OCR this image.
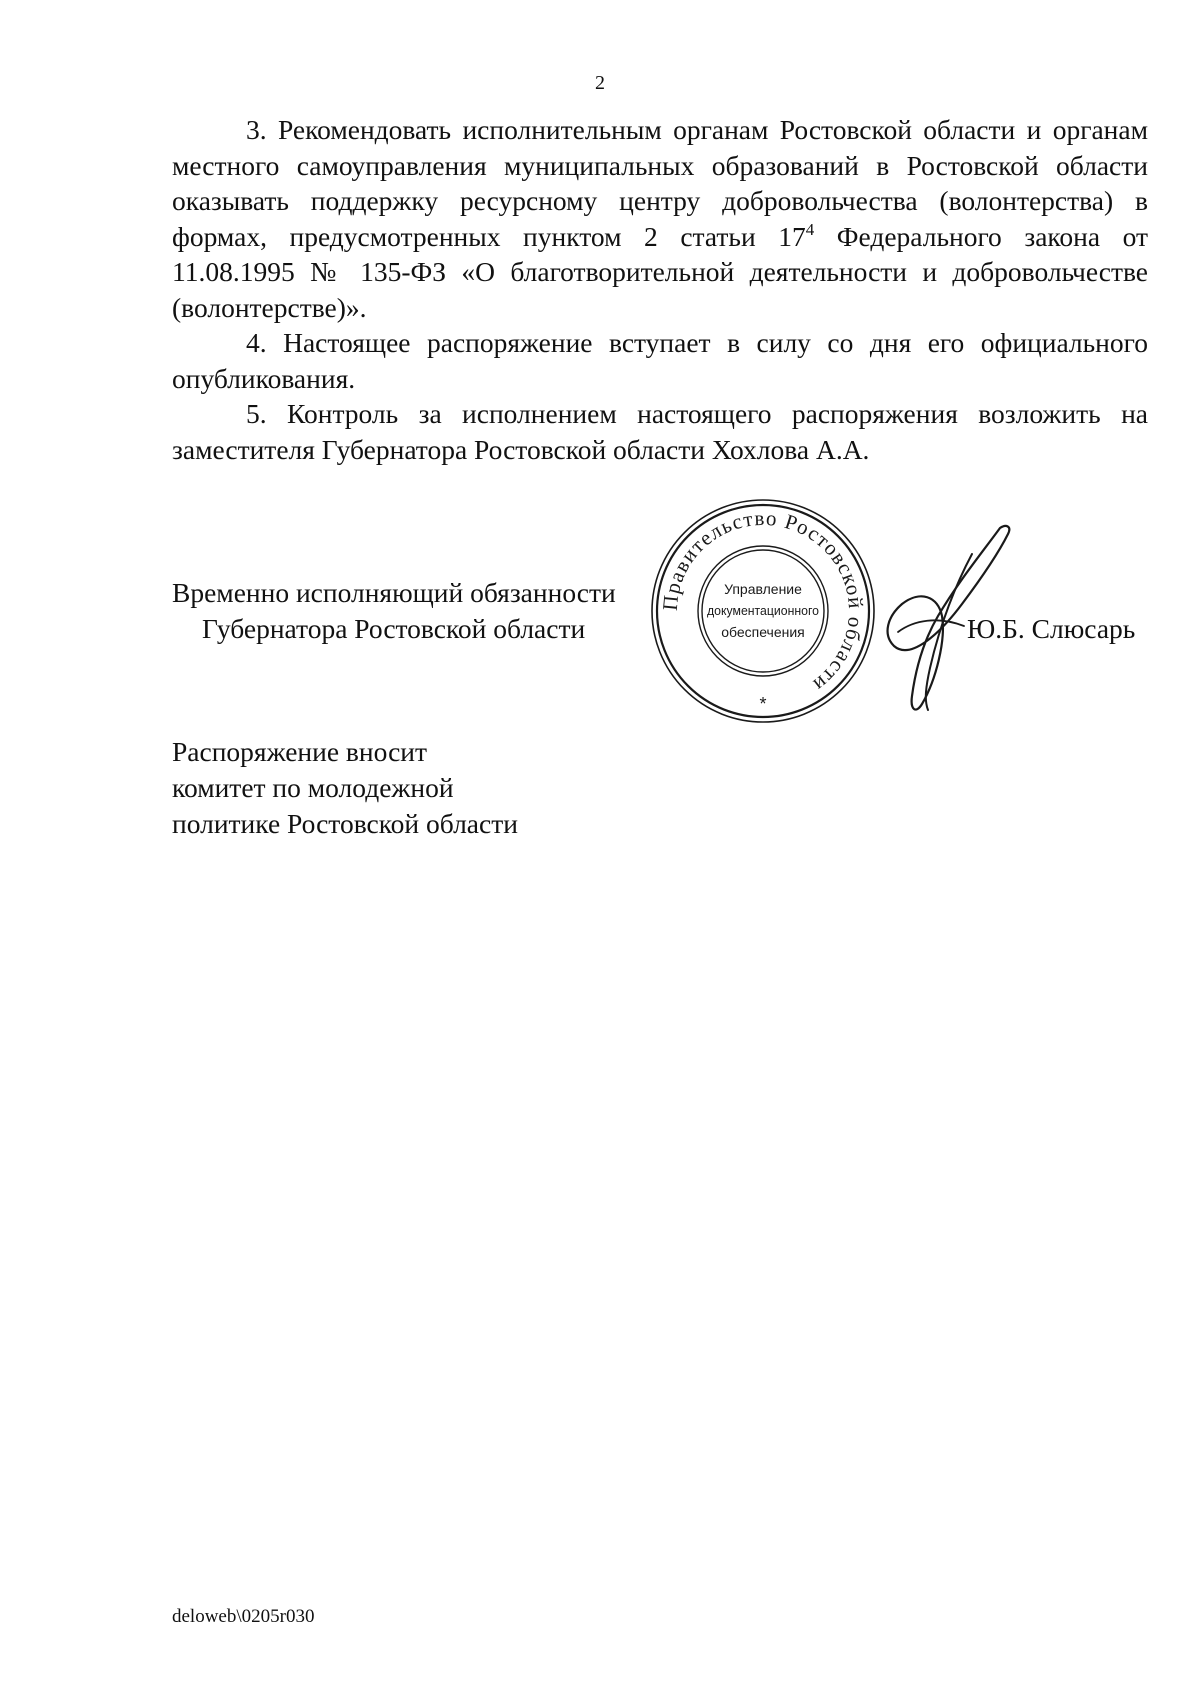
2

3. Рекомендовать исполнительным органам Ростовской области и органам местного самоуправления муниципальных образований в Ростовской области оказывать поддержку ресурсному центру добровольчества (волонтерства) в формах, предусмотренных пунктом 2 статьи $17^4$ Федерального закона от 11.08.1995 № 135-ФЗ «О благотворительной деятельности и добровольчестве (волонтерстве)».

4. Настоящее распоряжение вступает в силу со дня его официального опубликования.

5. Контроль за исполнением настоящего распоряжения возложить на заместителя Губернатора Ростовской области Хохлова А.А.

Временно исполняющий обязанности
Губернатора Ростовской области
Правительство Ростовской области
Управление
документационного
обеспечения
*
Ю.Б. Слюсарь
Распоряжение вносит
комитет по молодежной
политике Ростовской области
deloweb\0205r030
